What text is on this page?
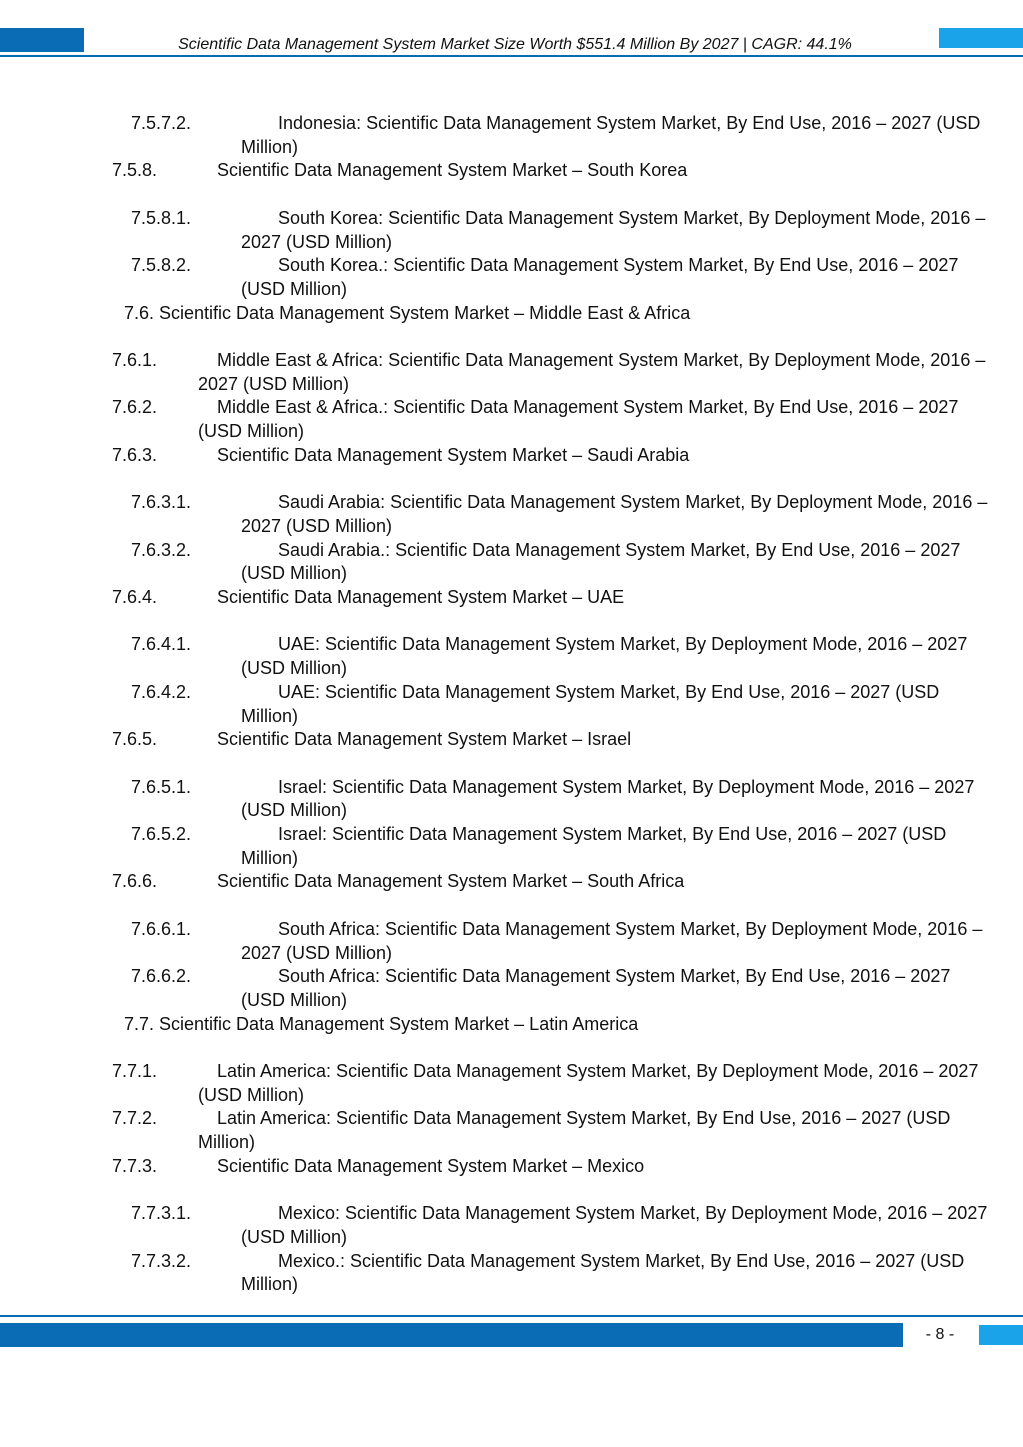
Scientific Data Management System Market Size Worth $551.4 Million By 2027 | CAGR: 44.1%
7.5.7.2.	Indonesia: Scientific Data Management System Market, By End Use, 2016 – 2027 (USD Million)
7.5.8.	Scientific Data Management System Market – South Korea
7.5.8.1.	South Korea: Scientific Data Management System Market, By Deployment Mode, 2016 – 2027 (USD Million)
7.5.8.2.	South Korea.: Scientific Data Management System Market, By End Use, 2016 – 2027 (USD Million)
7.6. Scientific Data Management System Market – Middle East & Africa
7.6.1.	Middle East & Africa: Scientific Data Management System Market, By Deployment Mode, 2016 – 2027 (USD Million)
7.6.2.	Middle East & Africa.: Scientific Data Management System Market, By End Use, 2016 – 2027 (USD Million)
7.6.3.	Scientific Data Management System Market – Saudi Arabia
7.6.3.1.	Saudi Arabia: Scientific Data Management System Market, By Deployment Mode, 2016 – 2027 (USD Million)
7.6.3.2.	Saudi Arabia.: Scientific Data Management System Market, By End Use, 2016 – 2027 (USD Million)
7.6.4.	Scientific Data Management System Market – UAE
7.6.4.1.	UAE: Scientific Data Management System Market, By Deployment Mode, 2016 – 2027 (USD Million)
7.6.4.2.	UAE: Scientific Data Management System Market, By End Use, 2016 – 2027 (USD Million)
7.6.5.	Scientific Data Management System Market – Israel
7.6.5.1.	Israel: Scientific Data Management System Market, By Deployment Mode, 2016 – 2027 (USD Million)
7.6.5.2.	Israel: Scientific Data Management System Market, By End Use, 2016 – 2027 (USD Million)
7.6.6.	Scientific Data Management System Market – South Africa
7.6.6.1.	South Africa: Scientific Data Management System Market, By Deployment Mode, 2016 – 2027 (USD Million)
7.6.6.2.	South Africa: Scientific Data Management System Market, By End Use, 2016 – 2027 (USD Million)
7.7. Scientific Data Management System Market – Latin America
7.7.1.	Latin America: Scientific Data Management System Market, By Deployment Mode, 2016 – 2027 (USD Million)
7.7.2.	Latin America: Scientific Data Management System Market, By End Use, 2016 – 2027 (USD Million)
7.7.3.	Scientific Data Management System Market – Mexico
7.7.3.1.	Mexico: Scientific Data Management System Market, By Deployment Mode, 2016 – 2027 (USD Million)
7.7.3.2.	Mexico.: Scientific Data Management System Market, By End Use, 2016 – 2027 (USD Million)
- 8 -
